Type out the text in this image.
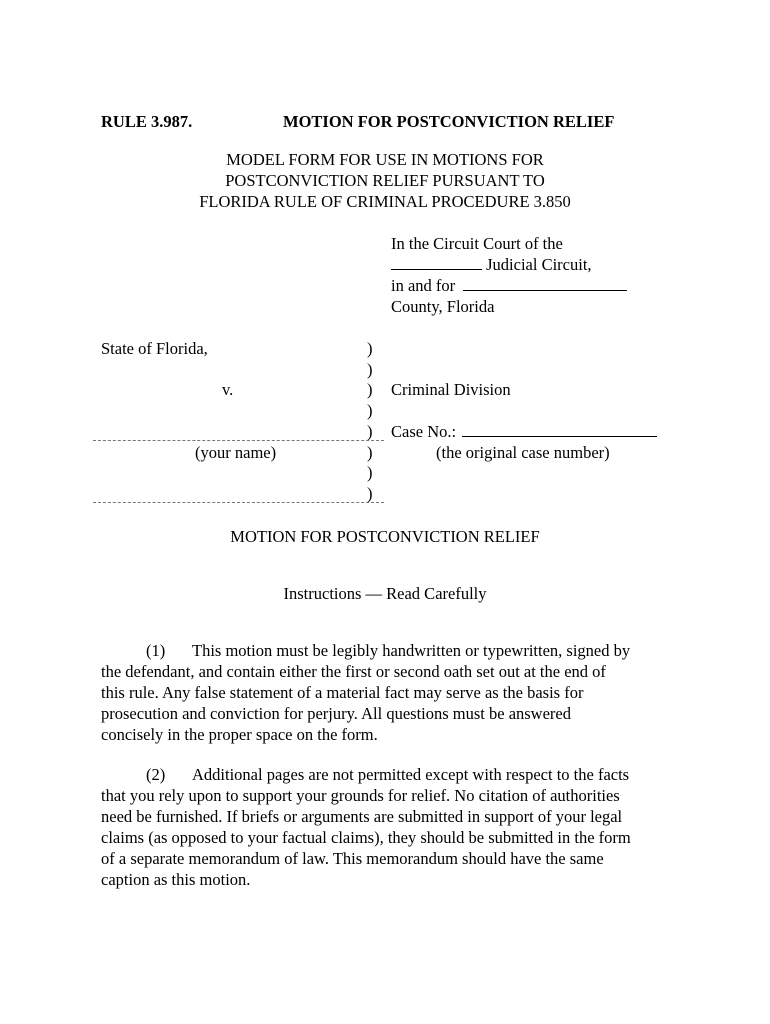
RULE 3.987.	MOTION FOR POSTCONVICTION RELIEF
MODEL FORM FOR USE IN MOTIONS FOR
POSTCONVICTION RELIEF PURSUANT TO
FLORIDA RULE OF CRIMINAL PROCEDURE 3.850
In the Circuit Court of the
Judicial Circuit,
in and for
County, Florida
State of Florida,
v.
)
)
)
)
)
)
)
)
(your name)
Criminal Division
Case No.:
(the original case number)
MOTION FOR POSTCONVICTION RELIEF
Instructions — Read Carefully
(1) This motion must be legibly handwritten or typewritten, signed by
the defendant, and contain either the first or second oath set out at the end of
this rule. Any false statement of a material fact may serve as the basis for
prosecution and conviction for perjury. All questions must be answered
concisely in the proper space on the form.
(2) Additional pages are not permitted except with respect to the facts
that you rely upon to support your grounds for relief. No citation of authorities
need be furnished. If briefs or arguments are submitted in support of your legal
claims (as opposed to your factual claims), they should be submitted in the form
of a separate memorandum of law. This memorandum should have the same
caption as this motion.
